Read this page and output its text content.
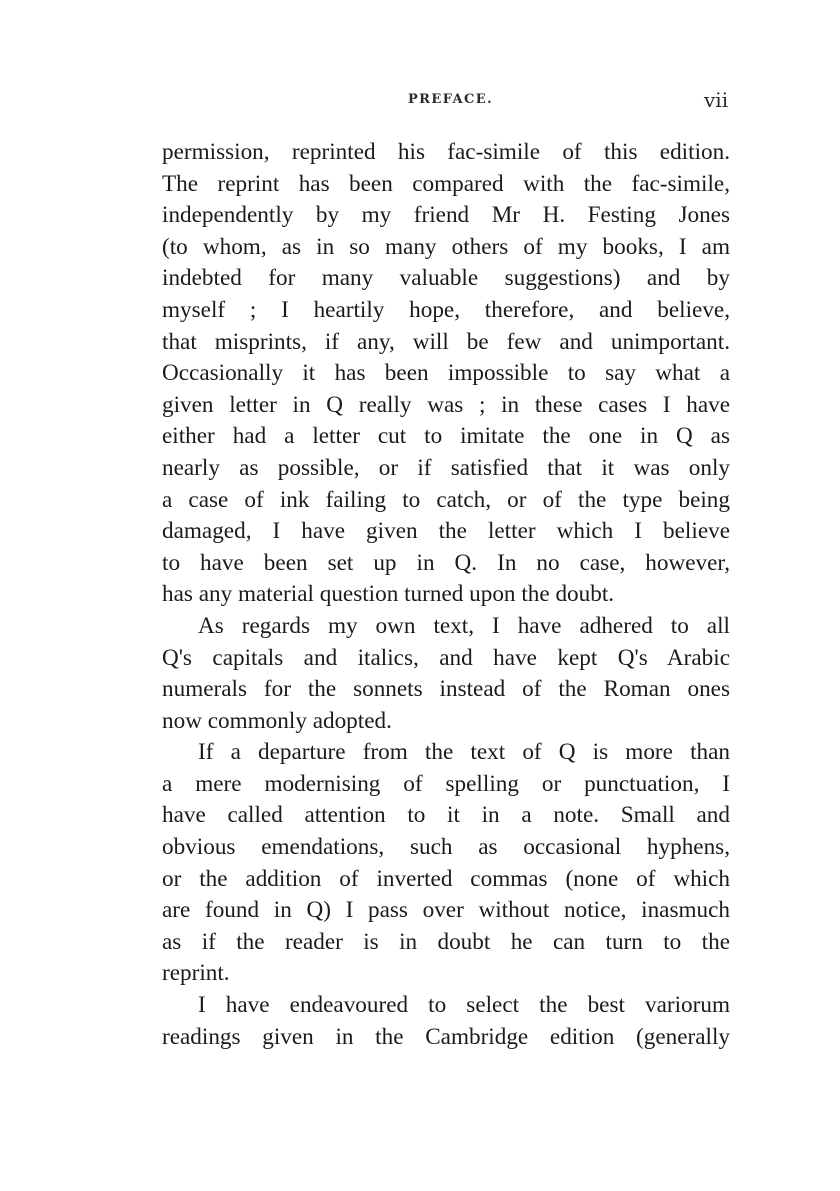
PREFACE.	vii
permission, reprinted his fac-simile of this edition.
The reprint has been compared with the fac-simile,
independently by my friend Mr H. Festing Jones
(to whom, as in so many others of my books, I am
indebted for many valuable suggestions) and by
myself ; I heartily hope, therefore, and believe,
that misprints, if any, will be few and unimportant.
Occasionally it has been impossible to say what a
given letter in Q really was ; in these cases I have
either had a letter cut to imitate the one in Q as
nearly as possible, or if satisfied that it was only
a case of ink failing to catch, or of the type being
damaged, I have given the letter which I believe
to have been set up in Q. In no case, however,
has any material question turned upon the doubt.
As regards my own text, I have adhered to all
Q's capitals and italics, and have kept Q's Arabic
numerals for the sonnets instead of the Roman ones
now commonly adopted.
If a departure from the text of Q is more than
a mere modernising of spelling or punctuation, I
have called attention to it in a note. Small and
obvious emendations, such as occasional hyphens,
or the addition of inverted commas (none of which
are found in Q) I pass over without notice, inasmuch
as if the reader is in doubt he can turn to the
reprint.
I have endeavoured to select the best variorum
readings given in the Cambridge edition (generally
